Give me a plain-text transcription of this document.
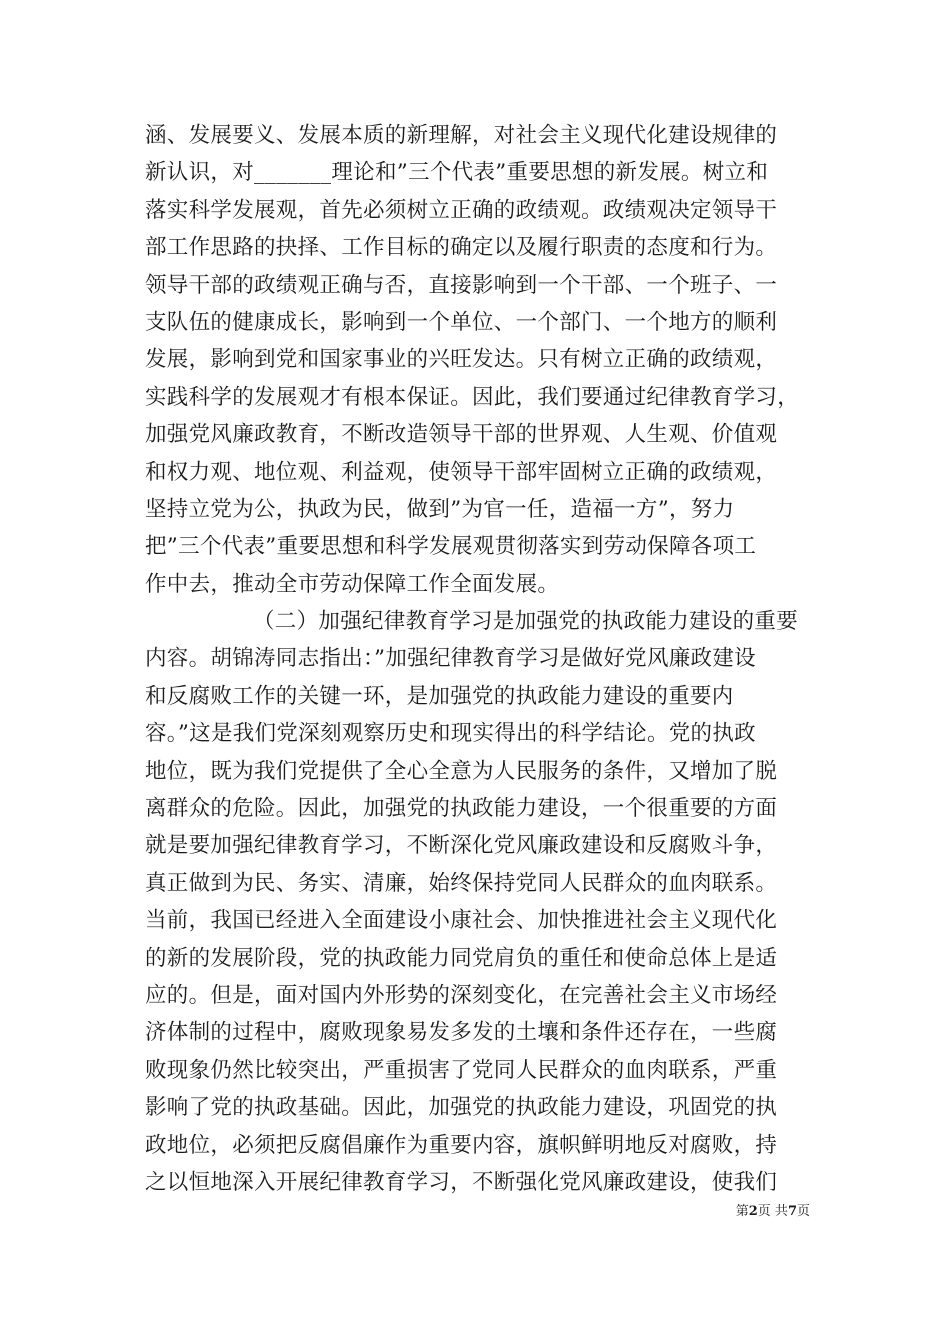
涵、发展要义、发展本质的新理解，对社会主义现代化建设规律的
新认识，对_______理论和”三个代表”重要思想的新发展。树立和
落实科学发展观，首先必须树立正确的政绩观。政绩观决定领导干
部工作思路的抉择、工作目标的确定以及履行职责的态度和行为。
领导干部的政绩观正确与否，直接影响到一个干部、一个班子、一
支队伍的健康成长，影响到一个单位、一个部门、一个地方的顺利
发展，影响到党和国家事业的兴旺发达。只有树立正确的政绩观，
实践科学的发展观才有根本保证。因此，我们要通过纪律教育学习，
加强党风廉政教育，不断改造领导干部的世界观、人生观、价值观
和权力观、地位观、利益观，使领导干部牢固树立正确的政绩观，
坚持立党为公，执政为民，做到”为官一任，造福一方”，努力
把”三个代表”重要思想和科学发展观贯彻落实到劳动保障各项工
作中去，推动全市劳动保障工作全面发展。
（二）加强纪律教育学习是加强党的执政能力建设的重要
内容。胡锦涛同志指出：”加强纪律教育学习是做好党风廉政建设
和反腐败工作的关键一环，是加强党的执政能力建设的重要内
容。”这是我们党深刻观察历史和现实得出的科学结论。党的执政
地位，既为我们党提供了全心全意为人民服务的条件，又增加了脱
离群众的危险。因此，加强党的执政能力建设，一个很重要的方面
就是要加强纪律教育学习，不断深化党风廉政建设和反腐败斗争，
真正做到为民、务实、清廉，始终保持党同人民群众的血肉联系。
当前，我国已经进入全面建设小康社会、加快推进社会主义现代化
的新的发展阶段，党的执政能力同党肩负的重任和使命总体上是适
应的。但是，面对国内外形势的深刻变化，在完善社会主义市场经
济体制的过程中，腐败现象易发多发的土壤和条件还存在，一些腐
败现象仍然比较突出，严重损害了党同人民群众的血肉联系，严重
影响了党的执政基础。因此，加强党的执政能力建设，巩固党的执
政地位，必须把反腐倡廉作为重要内容，旗帜鲜明地反对腐败，持
之以恒地深入开展纪律教育学习，不断强化党风廉政建设，使我们
第2页 共7页
